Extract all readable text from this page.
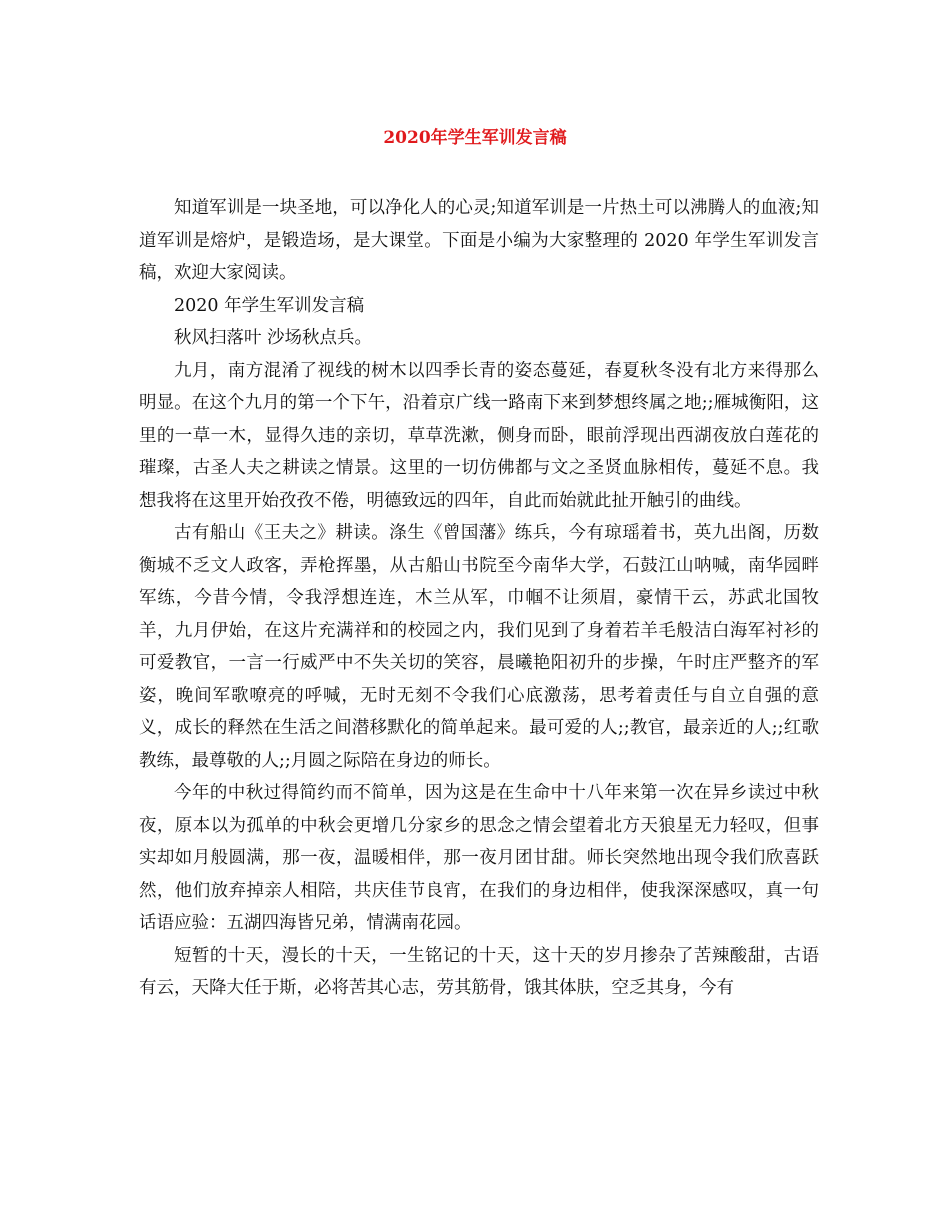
2020年学生军训发言稿

知道军训是一块圣地，可以净化人的心灵;知道军训是一片热土可以沸腾人的血液;知道军训是熔炉，是锻造场，是大课堂。下面是小编为大家整理的 2020 年学生军训发言稿，欢迎大家阅读。

2020 年学生军训发言稿

秋风扫落叶 沙场秋点兵。

九月，南方混淆了视线的树木以四季长青的姿态蔓延，春夏秋冬没有北方来得那么明显。在这个九月的第一个下午，沿着京广线一路南下来到梦想终属之地;;雁城衡阳，这里的一草一木，显得久违的亲切，草草洗漱，侧身而卧，眼前浮现出西湖夜放白莲花的璀璨，古圣人夫之耕读之情景。这里的一切仿佛都与文之圣贤血脉相传，蔓延不息。我想我将在这里开始孜孜不倦，明德致远的四年，自此而始就此扯开触引的曲线。

古有船山《王夫之》耕读。涤生《曾国藩》练兵，今有琼瑶着书，英九出阁，历数衡城不乏文人政客，弄枪挥墨，从古船山书院至今南华大学，石鼓江山呐喊，南华园畔军练，今昔今情，令我浮想连连，木兰从军，巾帼不让须眉，豪情干云，苏武北国牧羊，九月伊始，在这片充满祥和的校园之内，我们见到了身着若羊毛般洁白海军衬衫的可爱教官，一言一行威严中不失关切的笑容，晨曦艳阳初升的步操，午时庄严整齐的军姿，晚间军歌嘹亮的呼喊，无时无刻不令我们心底激荡，思考着责任与自立自强的意义，成长的释然在生活之间潜移默化的简单起来。最可爱的人;;教官，最亲近的人;;红歌教练，最尊敬的人;;月圆之际陪在身边的师长。

今年的中秋过得简约而不简单，因为这是在生命中十八年来第一次在异乡读过中秋夜，原本以为孤单的中秋会更增几分家乡的思念之情会望着北方天狼星无力轻叹，但事实却如月般圆满，那一夜，温暖相伴，那一夜月团甘甜。师长突然地出现令我们欣喜跃然，他们放弃掉亲人相陪，共庆佳节良宵，在我们的身边相伴，使我深深感叹，真一句话语应验：五湖四海皆兄弟，情满南花园。

短暂的十天，漫长的十天，一生铭记的十天，这十天的岁月掺杂了苦辣酸甜，古语有云，天降大任于斯，必将苦其心志，劳其筋骨，饿其体肤，空乏其身，今有
